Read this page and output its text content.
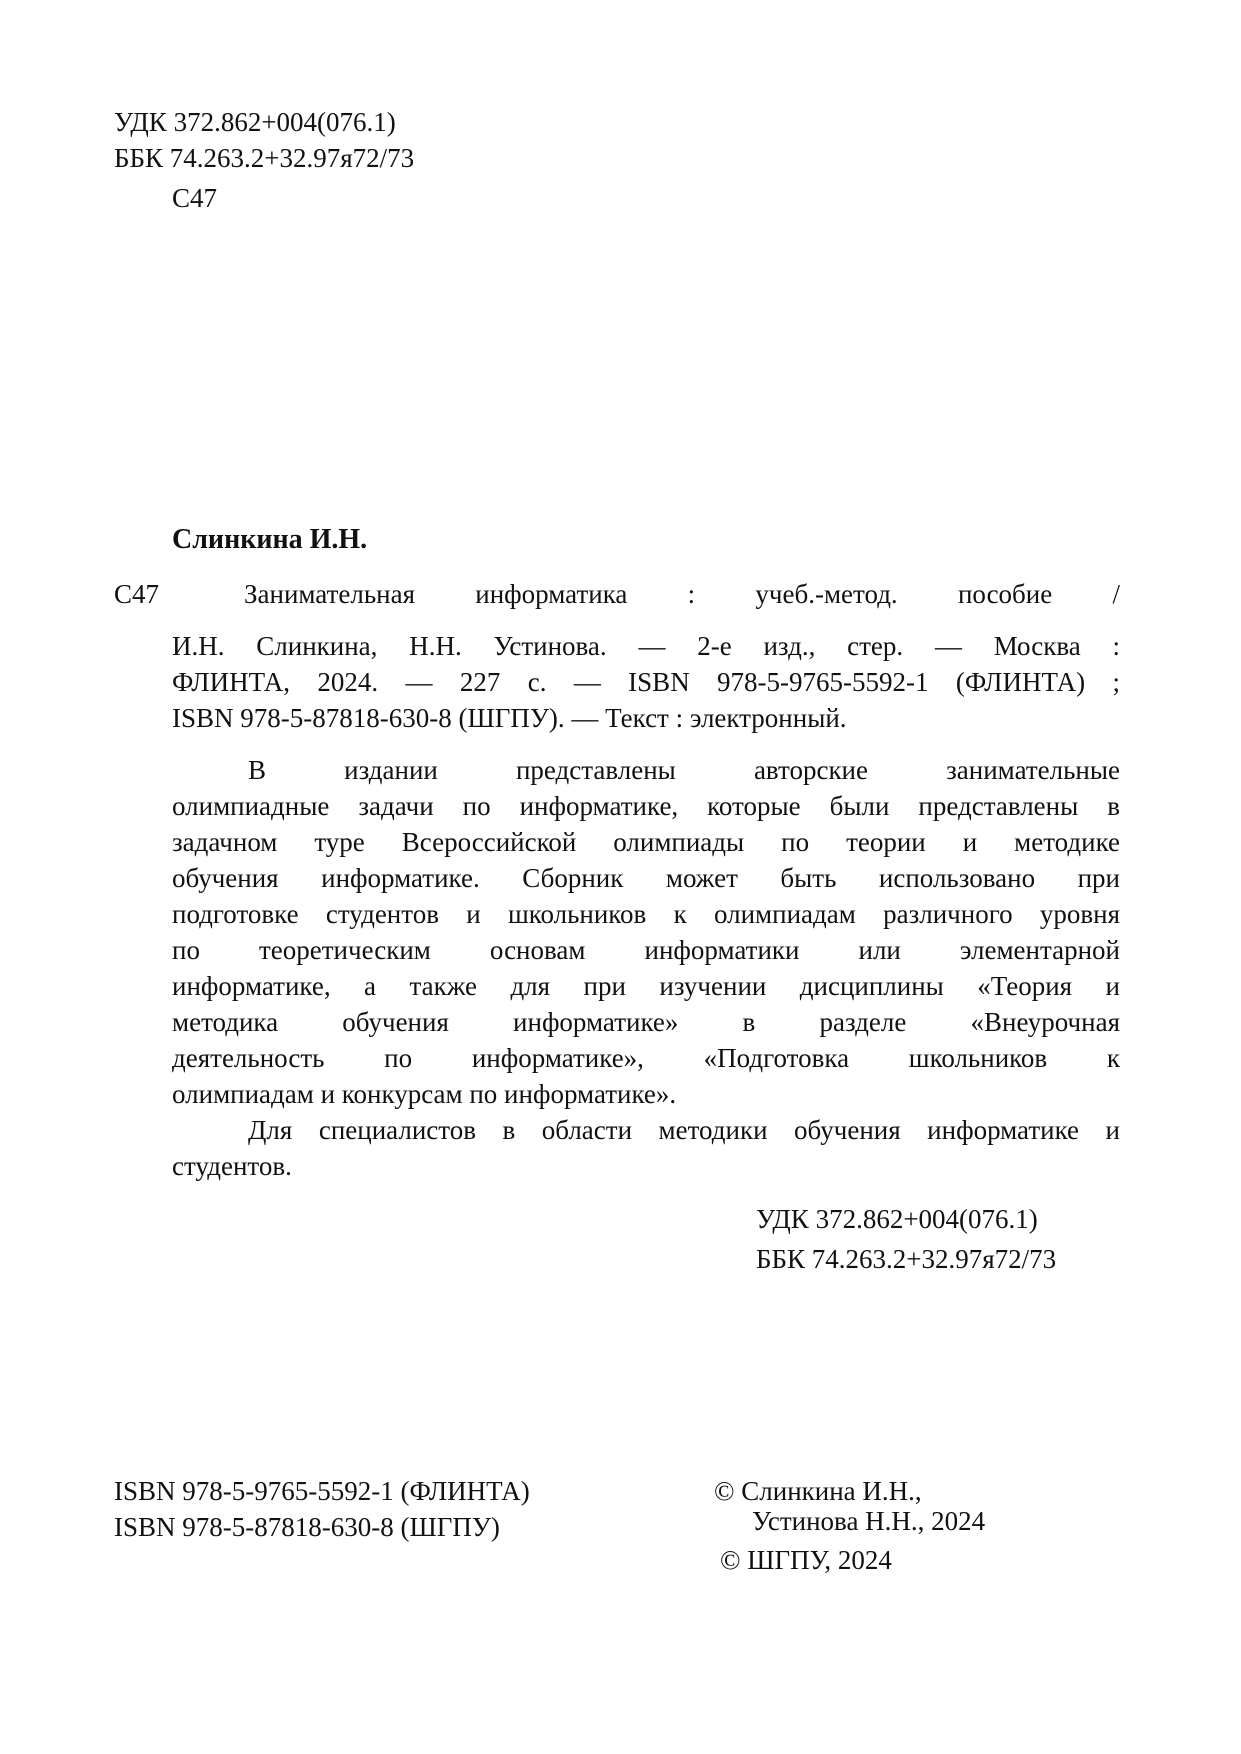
УДК 372.862+004(076.1)
ББК 74.263.2+32.97я72/73
С47
Слинкина И.Н.
С47	Занимательная информатика : учеб.-метод. пособие /
И.Н. Слинкина, Н.Н. Устинова. — 2-е изд., стер. — Москва :
ФЛИНТА, 2024. — 227 с. — ISBN 978-5-9765-5592-1 (ФЛИНТА) ;
ISBN 978-5-87818-630-8 (ШГПУ). — Текст : электронный.
В	издании	представлены	авторские	занимательные
олимпиадные задачи по информатике, которые были представлены в
задачном туре Всероссийской олимпиады по теории и методике
обучения информатике. Сборник может быть использовано при
подготовке студентов и школьников к олимпиадам различного уровня
по теоретическим основам информатики или элементарной
информатике, а также для при изучении дисциплины «Теория и
методика обучения информатике» в разделе «Внеурочная
деятельность по информатике», «Подготовка школьников к
олимпиадам и конкурсам по информатике».
Для специалистов в области методики обучения информатике и
студентов.
УДК 372.862+004(076.1)
ББК 74.263.2+32.97я72/73
ISBN 978-5-9765-5592-1 (ФЛИНТА)
ISBN 978-5-87818-630-8 (ШГПУ)
© Слинкина И.Н.,
Устинова Н.Н., 2024
© ШГПУ, 2024
